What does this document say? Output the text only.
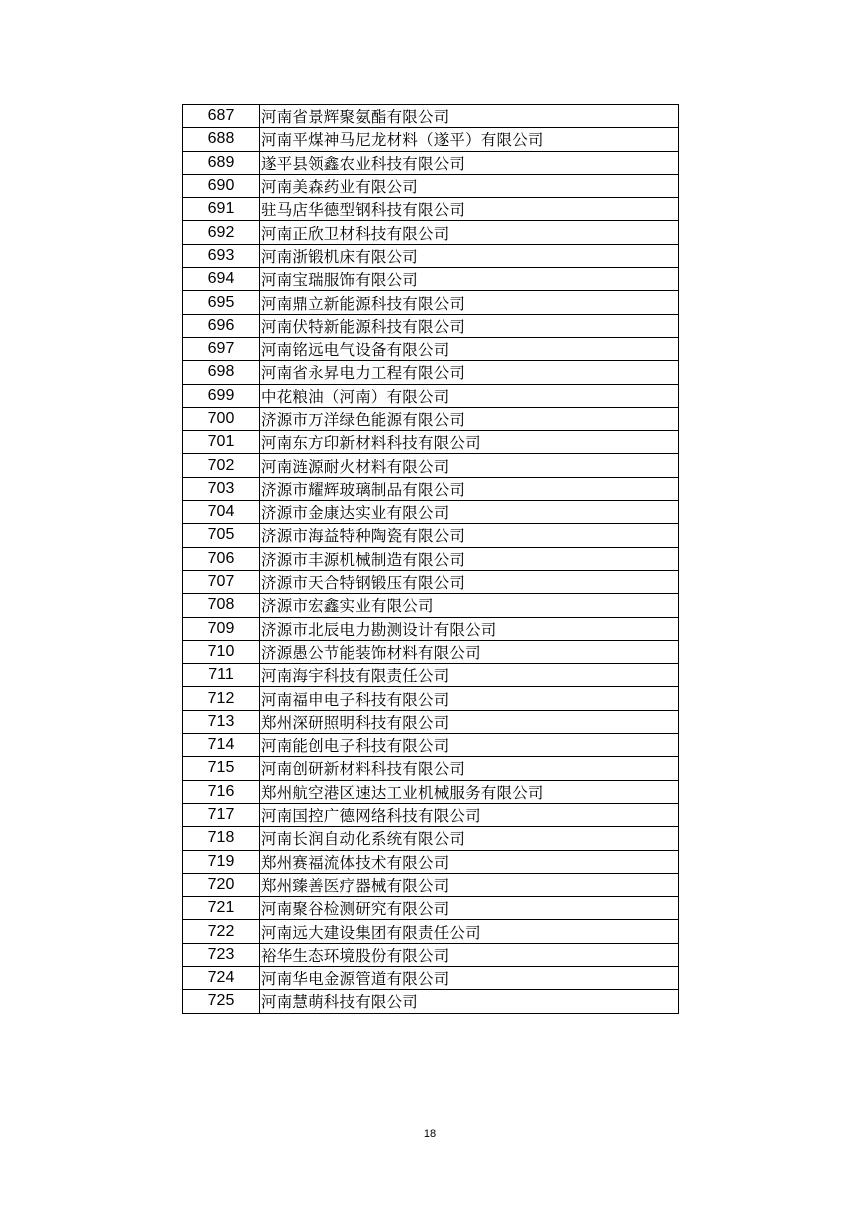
687	河南省景辉聚氨酯有限公司
688	河南平煤神马尼龙材料（遂平）有限公司
689	遂平县领鑫农业科技有限公司
690	河南美森药业有限公司
691	驻马店华德型钢科技有限公司
692	河南正欣卫材科技有限公司
693	河南浙锻机床有限公司
694	河南宝瑞服饰有限公司
695	河南鼎立新能源科技有限公司
696	河南伏特新能源科技有限公司
697	河南铭远电气设备有限公司
698	河南省永昇电力工程有限公司
699	中花粮油（河南）有限公司
700	济源市万洋绿色能源有限公司
701	河南东方印新材料科技有限公司
702	河南涟源耐火材料有限公司
703	济源市耀辉玻璃制品有限公司
704	济源市金康达实业有限公司
705	济源市海益特种陶瓷有限公司
706	济源市丰源机械制造有限公司
707	济源市天合特钢锻压有限公司
708	济源市宏鑫实业有限公司
709	济源市北辰电力勘测设计有限公司
710	济源愚公节能装饰材料有限公司
711	河南海宇科技有限责任公司
712	河南福申电子科技有限公司
713	郑州深研照明科技有限公司
714	河南能创电子科技有限公司
715	河南创研新材料科技有限公司
716	郑州航空港区速达工业机械服务有限公司
717	河南国控广德网络科技有限公司
718	河南长润自动化系统有限公司
719	郑州赛福流体技术有限公司
720	郑州臻善医疗器械有限公司
721	河南聚谷检测研究有限公司
722	河南远大建设集团有限责任公司
723	裕华生态环境股份有限公司
724	河南华电金源管道有限公司
725	河南慧萌科技有限公司
18
